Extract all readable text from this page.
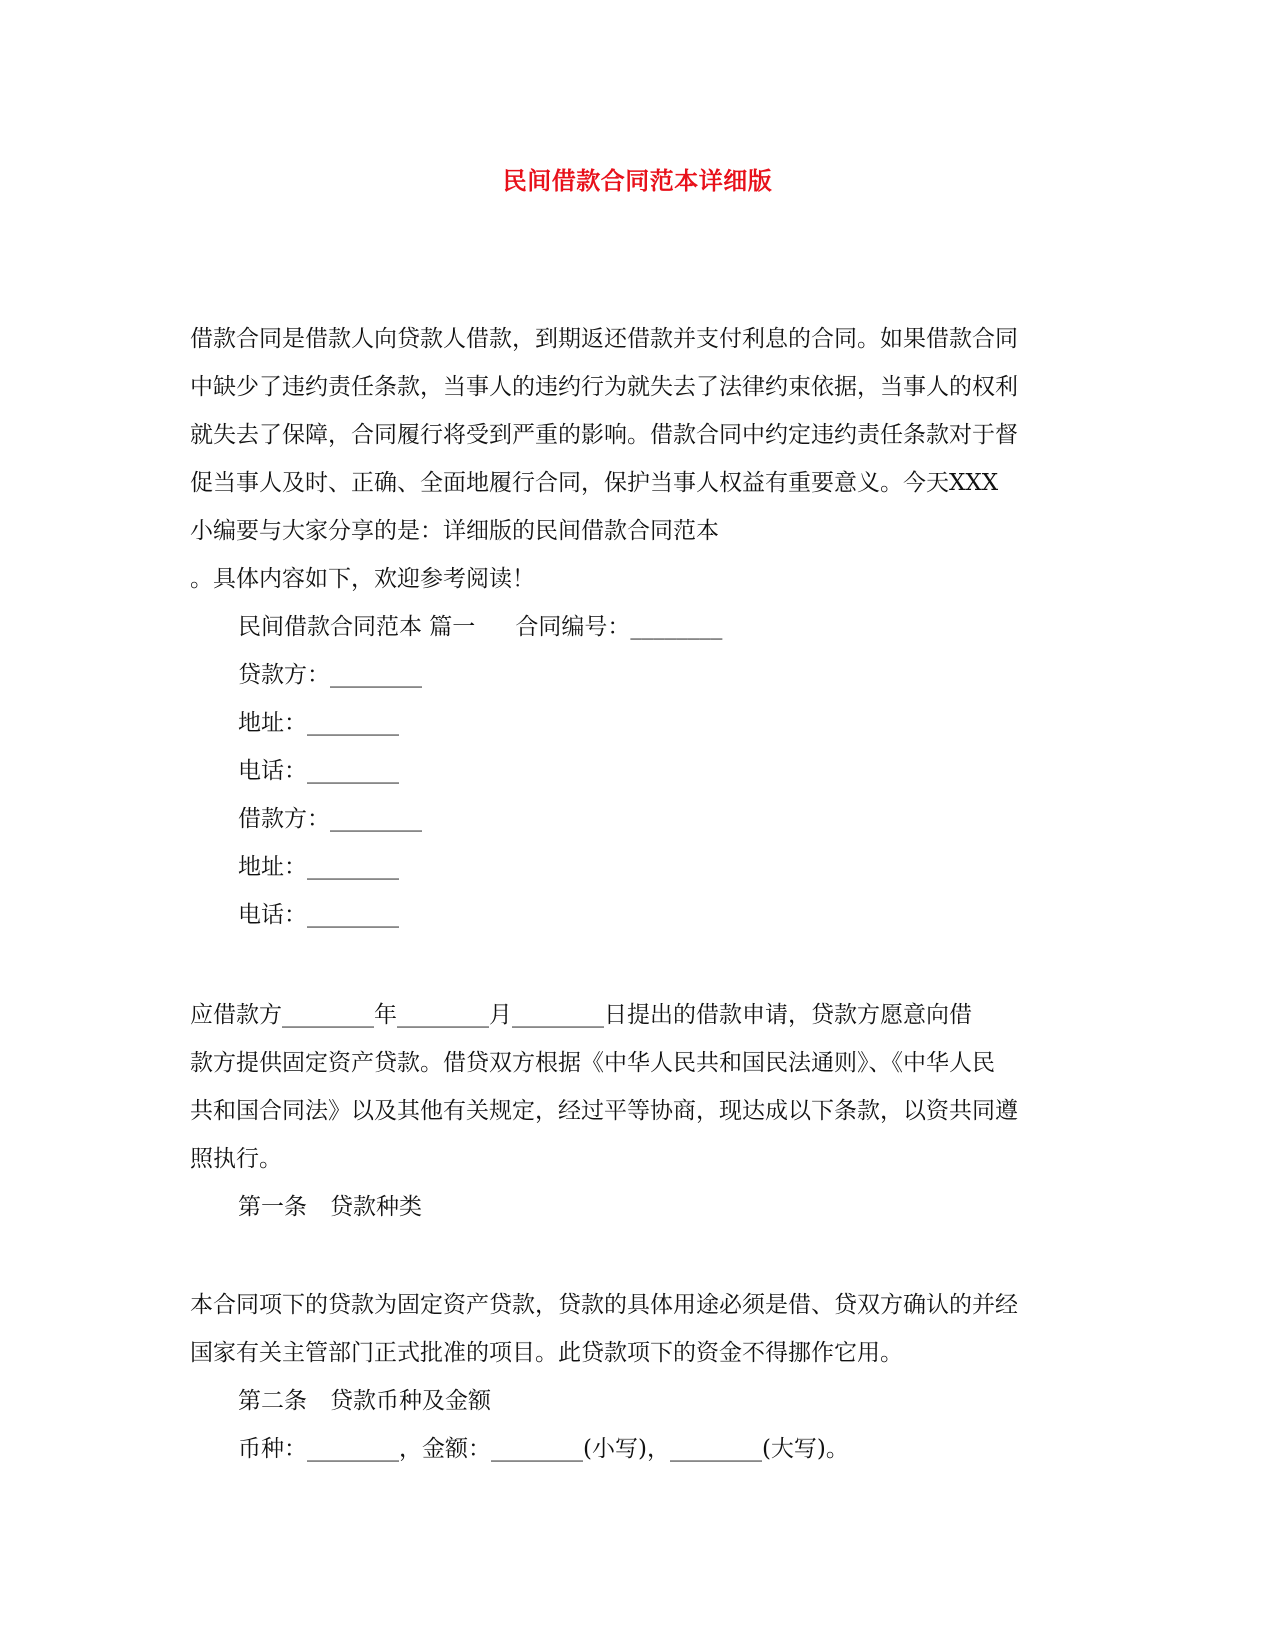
民间借款合同范本详细版
借款合同是借款人向贷款人借款，到期返还借款并支付利息的合同。如果借款合同
中缺少了违约责任条款，当事人的违约行为就失去了法律约束依据，当事人的权利
就失去了保障，合同履行将受到严重的影响。借款合同中约定违约责任条款对于督
促当事人及时、正确、全面地履行合同，保护当事人权益有重要意义。今天XXX
小编要与大家分享的是：详细版的民间借款合同范本
。具体内容如下，欢迎参考阅读！
民间借款合同范本 篇一 合同编号：________
贷款方：________
地址：________
电话：________
借款方：________
地址：________
电话：________
应借款方________年________月________日提出的借款申请，贷款方愿意向借
款方提供固定资产贷款。借贷双方根据《中华人民共和国民法通则》、《中华人民
共和国合同法》以及其他有关规定，经过平等协商，现达成以下条款，以资共同遵
照执行。
第一条　贷款种类
本合同项下的贷款为固定资产贷款，贷款的具体用途必须是借、贷双方确认的并经
国家有关主管部门正式批准的项目。此贷款项下的资金不得挪作它用。
第二条　贷款币种及金额
币种：________，金额：________(小写)，________(大写)。
